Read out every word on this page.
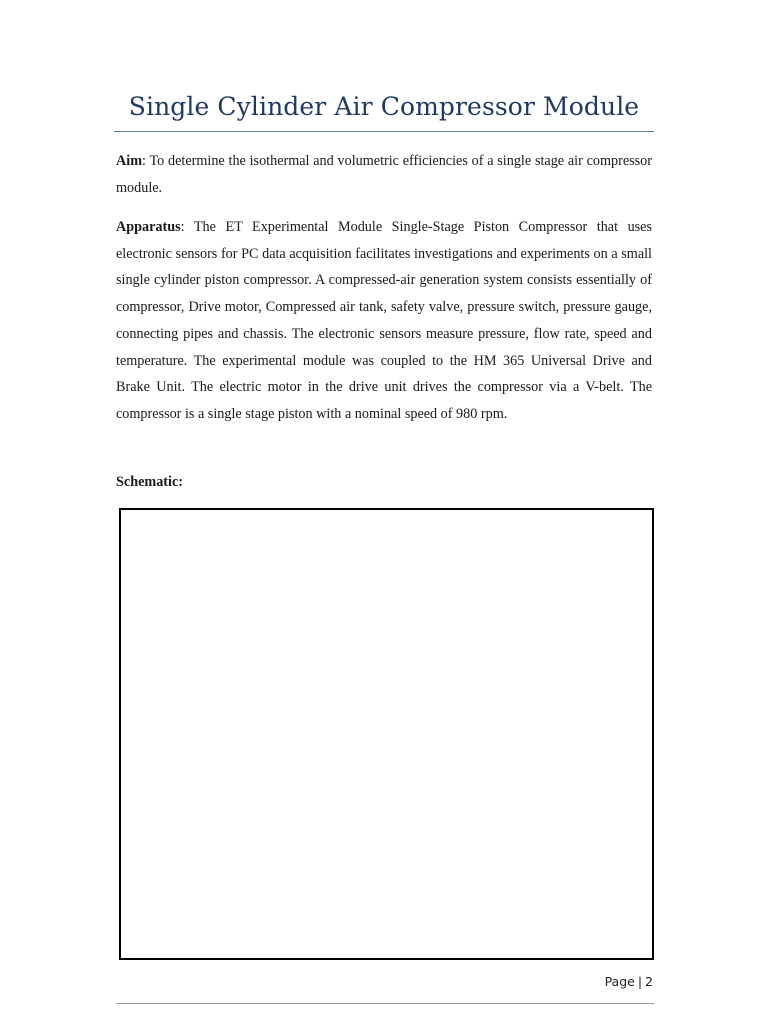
Single Cylinder Air Compressor Module

Aim: To determine the isothermal and volumetric efficiencies of a single stage air compressor module.

Apparatus: The ET Experimental Module Single-Stage Piston Compressor that uses electronic sensors for PC data acquisition facilitates investigations and experiments on a small single cylinder piston compressor. A compressed-air generation system consists essentially of compressor, Drive motor, Compressed air tank, safety valve, pressure switch, pressure gauge, connecting pipes and chassis. The electronic sensors measure pressure, flow rate, speed and temperature. The experimental module was coupled to the HM 365 Universal Drive and Brake Unit. The electric motor in the drive unit drives the compressor via a V-belt. The compressor is a single stage piston with a nominal speed of 980 rpm.

Schematic:
Page | 2
